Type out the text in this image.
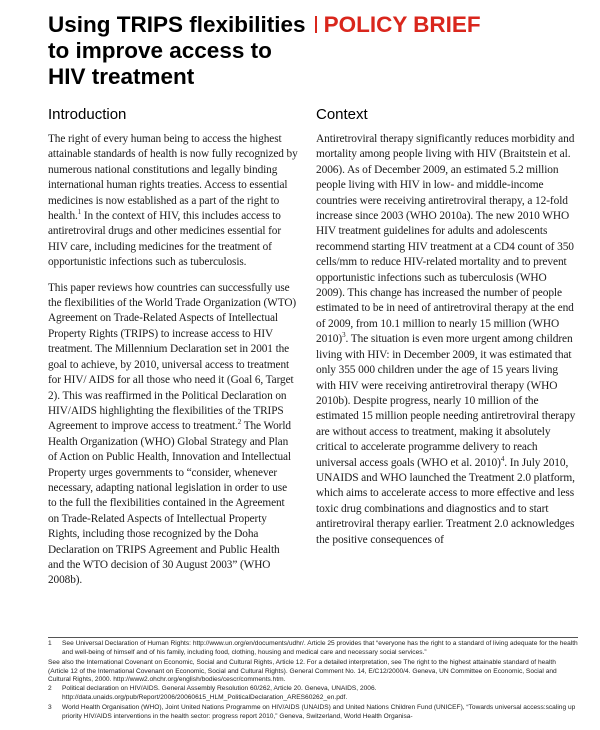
Using TRIPS flexibilities POLICY BRIEF
to improve access to
HIV treatment
Introduction

The right of every human being to access the highest attainable standards of health is now fully recognized by numerous national constitutions and legally binding international human rights treaties. Access to essential medicines is now established as a part of the right to health.$^1$ In the context of HIV, this includes access to antiretroviral drugs and other medicines essential for HIV care, including medicines for the treatment of opportunistic infections such as tuberculosis.

This paper reviews how countries can successfully use the flexibilities of the World Trade Organization (WTO) Agreement on Trade-Related Aspects of Intellectual Property Rights (TRIPS) to increase access to HIV treatment. The Millennium Declaration set in 2001 the goal to achieve, by 2010, universal access to treatment for HIV/ AIDS for all those who need it (Goal 6, Target 2). This was reaffirmed in the Political Declaration on HIV/AIDS highlighting the flexibilities of the TRIPS Agreement to improve access to treatment.$^2$ The World Health Organization (WHO) Global Strategy and Plan of Action on Public Health, Innovation and Intellectual Property urges governments to “consider, whenever necessary, adapting national legislation in order to use to the full the flexibilities contained in the Agreement on Trade-Related Aspects of Intellectual Property Rights, including those recognized by the Doha Declaration on TRIPS Agreement and Public Health and the WTO decision of 30 August 2003” (WHO 2008b).

Context

Antiretroviral therapy significantly reduces morbidity and mortality among people living with HIV (Braitstein et al. 2006). As of December 2009, an estimated 5.2 million people living with HIV in low- and middle-income countries were receiving antiretroviral therapy, a 12-fold increase since 2003 (WHO 2010a). The new 2010 WHO HIV treatment guidelines for adults and adolescents recommend starting HIV treatment at a CD4 count of 350 cells/mm to reduce HIV-related mortality and to prevent opportunistic infections such as tuberculosis (WHO 2009). This change has increased the number of people estimated to be in need of antiretroviral therapy at the end of 2009, from 10.1 million to nearly 15 million (WHO 2010)$^3$. The situation is even more urgent among children living with HIV: in December 2009, it was estimated that only 355 000 children under the age of 15 years living with HIV were receiving antiretroviral therapy (WHO 2010b). Despite progress, nearly 10 million of the estimated 15 million people needing antiretroviral therapy are without access to treatment, making it absolutely critical to accelerate programme delivery to reach universal access goals (WHO et al. 2010)$^4$. In July 2010, UNAIDS and WHO launched the Treatment 2.0 platform, which aims to accelerate access to more effective and less toxic drug combinations and diagnostics and to start antiretroviral therapy earlier. Treatment 2.0 acknowledges the positive consequences of

1	See Universal Declaration of Human Rights: http://www.un.org/en/documents/udhr/. Article 25 provides that “everyone has the right to a standard of living adequate for the health and well-being of himself and of his family, including food, clothing, housing and medical care and necessary social services.”
See also the International Covenant on Economic, Social and Cultural Rights, Article 12. For a detailed interpretation, see The right to the highest attainable standard of health (Article 12 of the International Covenant on Economic, Social and Cultural Rights). General Comment No. 14, E/C12/2000/4. Geneva, UN Committee on Economic, Social and Cultural Rights, 2000. http://www2.ohchr.org/english/bodies/cescr/comments.htm.
2	Political declaration on HIV/AIDS. General Assembly Resolution 60/262, Article 20. Geneva, UNAIDS, 2006. http://data.unaids.org/pub/Report/2006/20060615_HLM_PoliticalDeclaration_ARES60262_en.pdf.
3	World Health Organisation (WHO), Joint United Nations Programme on HIV/AIDS (UNAIDS) and United Nations Children Fund (UNICEF), “Towards universal access:scaling up priority HIV/AIDS interventions in the health sector: progress report 2010,” Geneva, Switzerland, World Health Organisa-
